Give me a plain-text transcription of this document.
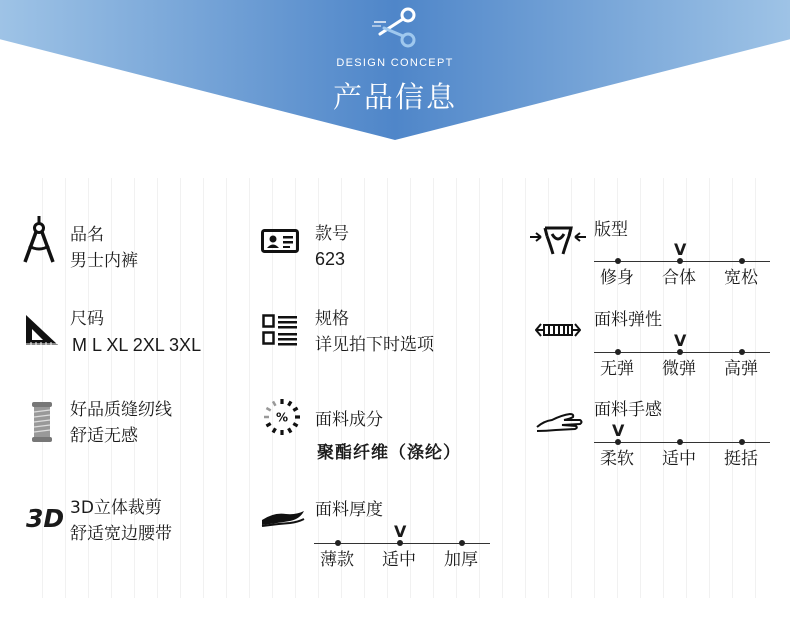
DESIGN CONCEPT
产品信息
品名
男士内裤
尺码
M L XL 2XL 3XL
好品质缝纫线
舒适无感
3D 3D立体裁剪
舒适宽边腰带
款号
623
规格
详见拍下时选项
% 面料成分
聚酯纤维（涤纶）
面料厚度
薄款 适中 加厚
V
版型
修身 合体 宽松
V
面料弹性
无弹 微弹 高弹
V
面料手感
柔软 适中 挺括
V
